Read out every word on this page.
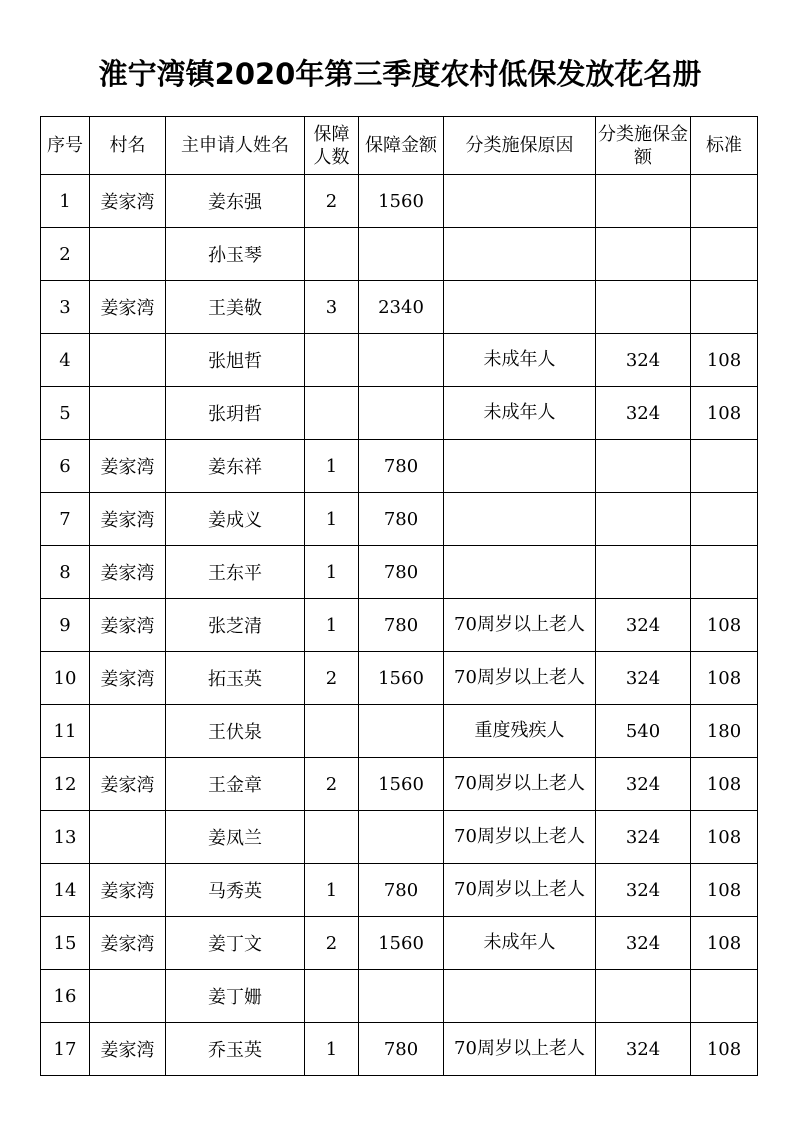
淮宁湾镇2020年第三季度农村低保发放花名册
序号	村名	主申请人姓名	保障人数	保障金额	分类施保原因	分类施保金额	标准
1	姜家湾	姜东强	2	1560			
2		孙玉琴					
3	姜家湾	王美敬	3	2340			
4		张旭哲			未成年人	324	108
5		张玥哲			未成年人	324	108
6	姜家湾	姜东祥	1	780			
7	姜家湾	姜成义	1	780			
8	姜家湾	王东平	1	780			
9	姜家湾	张芝清	1	780	70周岁以上老人	324	108
10	姜家湾	拓玉英	2	1560	70周岁以上老人	324	108
11		王伏泉			重度残疾人	540	180
12	姜家湾	王金章	2	1560	70周岁以上老人	324	108
13		姜凤兰			70周岁以上老人	324	108
14	姜家湾	马秀英	1	780	70周岁以上老人	324	108
15	姜家湾	姜丁文	2	1560	未成年人	324	108
16		姜丁姗					
17	姜家湾	乔玉英	1	780	70周岁以上老人	324	108
